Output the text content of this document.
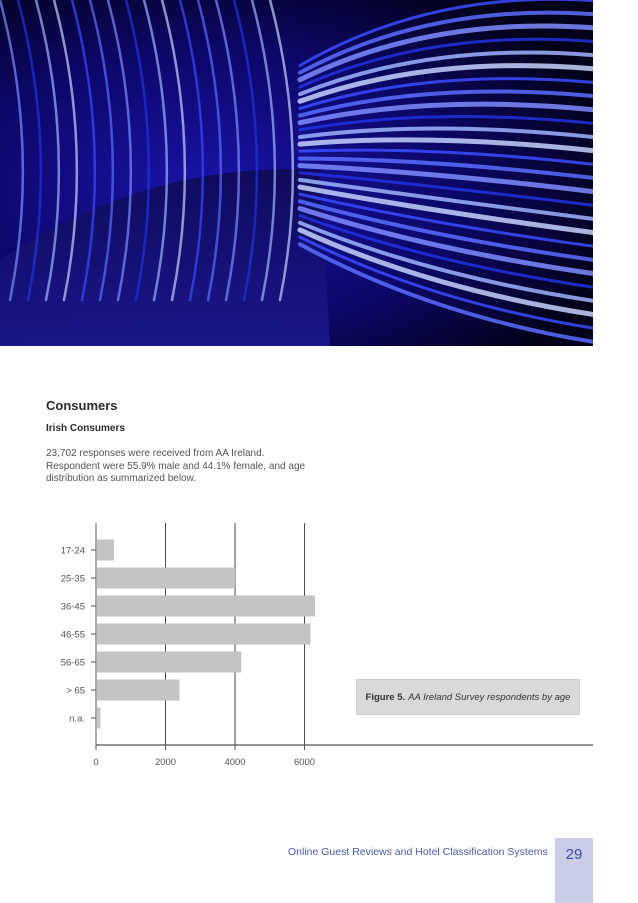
Consumers
Irish Consumers
23,702 responses were received from AA Ireland. Respondent were 55.9% male and 44.1% female, and age distribution as summarized below.
17-24
25-35
36-45
46-55
56-65
> 65
n.a.
0	2000	4000	6000
Figure 5. AA Ireland Survey respondents by age
Online Guest Reviews and Hotel Classification Systems 29
